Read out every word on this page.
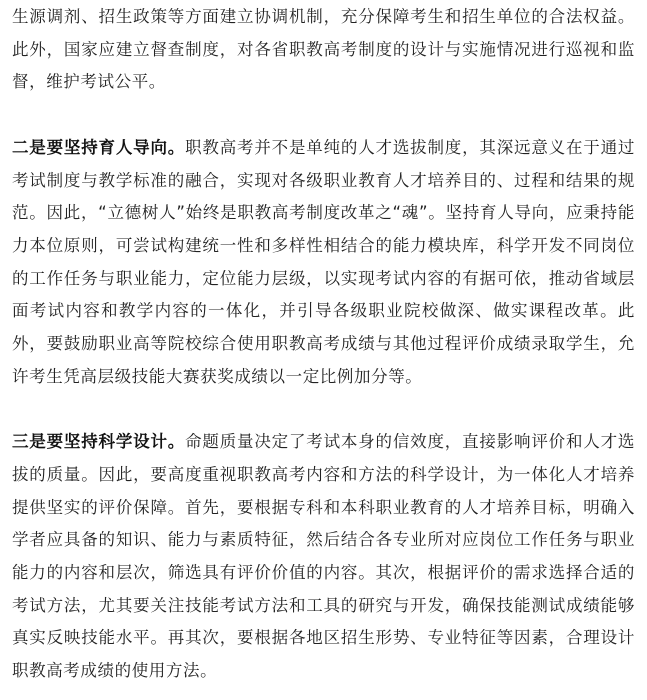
生源调剂、招生政策等方面建立协调机制，充分保障考生和招生单位的合法权益。此外，国家应建立督查制度，对各省职教高考制度的设计与实施情况进行巡视和监督，维护考试公平。

二是要坚持育人导向。职教高考并不是单纯的人才选拔制度，其深远意义在于通过考试制度与教学标准的融合，实现对各级职业教育人才培养目的、过程和结果的规范。因此，“立德树人”始终是职教高考制度改革之“魂”。坚持育人导向，应秉持能力本位原则，可尝试构建统一性和多样性相结合的能力模块库，科学开发不同岗位的工作任务与职业能力，定位能力层级，以实现考试内容的有据可依，推动省域层面考试内容和教学内容的一体化，并引导各级职业院校做深、做实课程改革。此外，要鼓励职业高等院校综合使用职教高考成绩与其他过程评价成绩录取学生，允许考生凭高层级技能大赛获奖成绩以一定比例加分等。

三是要坚持科学设计。命题质量决定了考试本身的信效度，直接影响评价和人才选拔的质量。因此，要高度重视职教高考内容和方法的科学设计，为一体化人才培养提供坚实的评价保障。首先，要根据专科和本科职业教育的人才培养目标，明确入学者应具备的知识、能力与素质特征，然后结合各专业所对应岗位工作任务与职业能力的内容和层次，筛选具有评价价值的内容。其次，根据评价的需求选择合适的考试方法，尤其要关注技能考试方法和工具的研究与开发，确保技能测试成绩能够真实反映技能水平。再其次，要根据各地区招生形势、专业特征等因素，合理设计职教高考成绩的使用方法。
